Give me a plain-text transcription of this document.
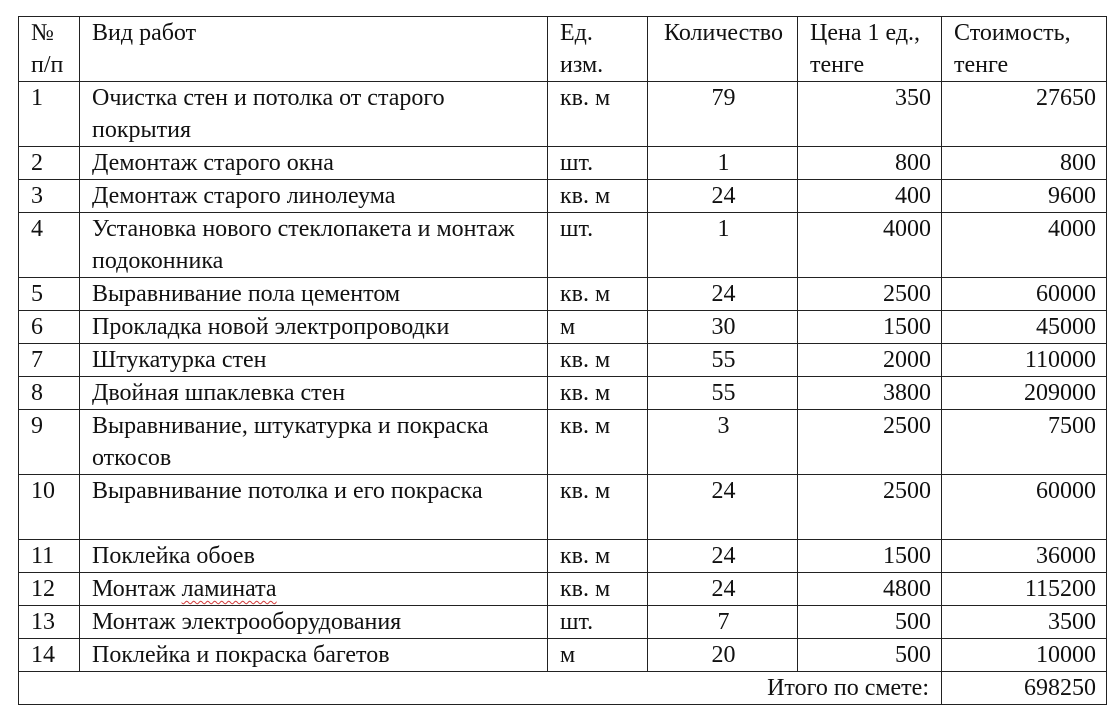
№ п/п	Вид работ	Ед. изм.	Количество	Цена 1 ед., тенге	Стоимость, тенге
1	Очистка стен и потолка от старого покрытия	кв. м	79	350	27650
2	Демонтаж старого окна	шт.	1	800	800
3	Демонтаж старого линолеума	кв. м	24	400	9600
4	Установка нового стеклопакета и монтаж подоконника	шт.	1	4000	4000
5	Выравнивание пола цементом	кв. м	24	2500	60000
6	Прокладка новой электропроводки	м	30	1500	45000
7	Штукатурка стен	кв. м	55	2000	110000
8	Двойная шпаклевка стен	кв. м	55	3800	209000
9	Выравнивание, штукатурка и покраска откосов	кв. м	3	2500	7500
10	Выравнивание потолка и его покраска	кв. м	24	2500	60000
11	Поклейка обоев	кв. м	24	1500	36000
12	Монтаж ламината	кв. м	24	4800	115200
13	Монтаж электрооборудования	шт.	7	500	3500
14	Поклейка и покраска багетов	м	20	500	10000
Итого по смете:					698250
